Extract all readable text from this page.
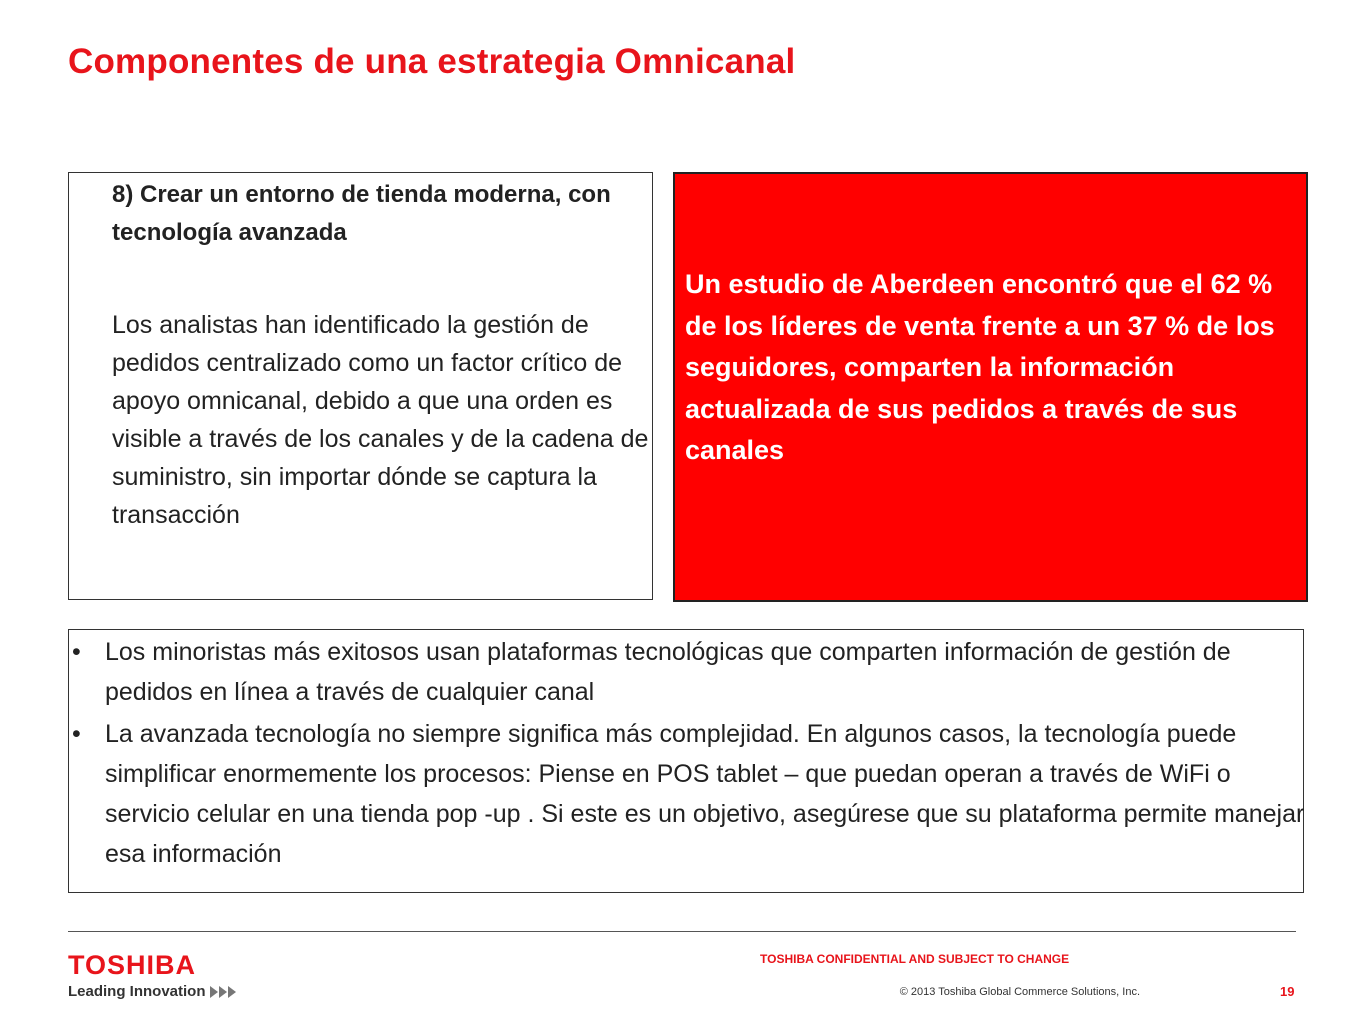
Componentes de una estrategia Omnicanal

8) Crear un entorno de tienda moderna, con tecnología avanzada

Los analistas han identificado la gestión de pedidos centralizado como un factor crítico de apoyo omnicanal, debido a que una orden es visible a través de los canales y de la cadena de suministro, sin importar dónde se captura la transacción

Un estudio de Aberdeen encontró que el 62 % de los líderes de venta frente a un 37 % de los seguidores, comparten la información actualizada de sus pedidos a través de sus canales

• Los minoristas más exitosos usan plataformas tecnológicas que comparten información de gestión de pedidos en línea a través de cualquier canal
• La avanzada tecnología no siempre significa más complejidad. En algunos casos, la tecnología puede simplificar enormemente los procesos: Piense en POS tablet – que puedan operan a través de WiFi o servicio celular en una tienda pop -up . Si este es un objetivo, asegúrese que su plataforma permite manejar esa información
TOSHIBA
Leading Innovation
TOSHIBA CONFIDENTIAL AND SUBJECT TO CHANGE
© 2013 Toshiba Global Commerce Solutions, Inc.	19
